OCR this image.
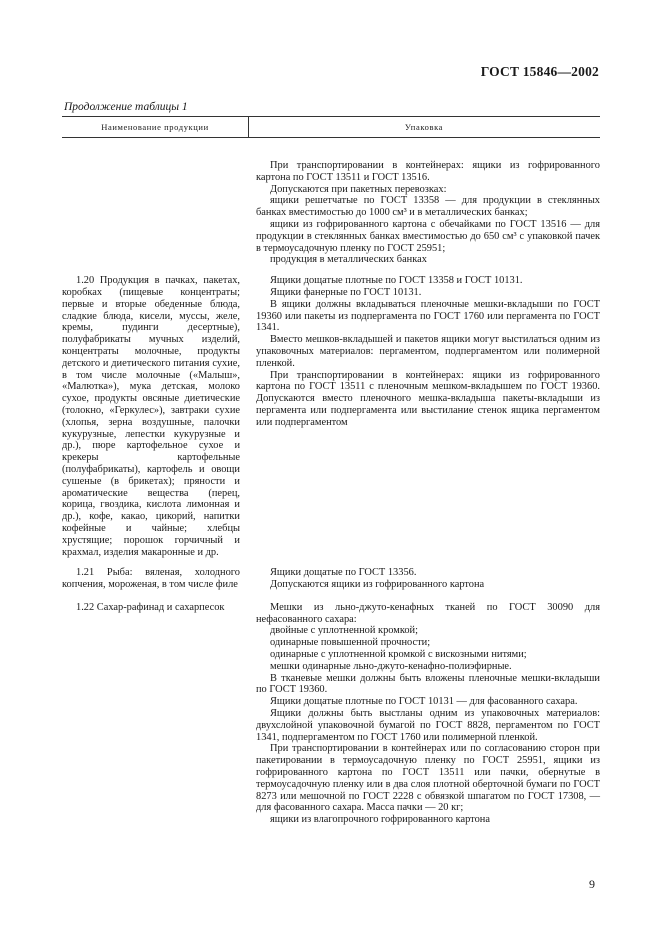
ГОСТ 15846—2002
Продолжение таблицы 1
Наименование продукции	Упаковка

При транспортировании в контейнерах: ящики из гофрированного картона по ГОСТ 13511 и ГОСТ 13516.

Допускаются при пакетных перевозках:

ящики решетчатые по ГОСТ 13358 — для продукции в стеклянных банках вместимостью до 1000 см³ и в металлических банках;

ящики из гофрированного картона с обечайками по ГОСТ 13516 — для продукции в стеклянных банках вместимостью до 650 см³ с упаковкой пачек в термоусадочную пленку по ГОСТ 25951;

продукция в металлических банках

1.20 Продукция в пачках, пакетах, коробках (пищевые концентраты; первые и вторые обеденные блюда, сладкие блюда, кисели, муссы, желе, кремы, пудинги десертные), полуфабрикаты мучных изделий, концентраты молочные, продукты детского и диетического питания сухие, в том числе молочные («Малыш», «Малютка»), мука детская, молоко сухое, продукты овсяные диетические (толокно, «Геркулес»), завтраки сухие (хлопья, зерна воздушные, палочки кукурузные, лепестки кукурузные и др.), пюре картофельное сухое и крекеры картофельные (полуфабрикаты), картофель и овощи сушеные (в брикетах); пряности и ароматические вещества (перец, корица, гвоздика, кислота лимонная и др.), кофе, какао, цикорий, напитки кофейные и чайные; хлебцы хрустящие; порошок горчичный и крахмал, изделия макаронные и др.

Ящики дощатые плотные по ГОСТ 13358 и ГОСТ 10131.

Ящики фанерные по ГОСТ 10131.

В ящики должны вкладываться пленочные мешки-вкладыши по ГОСТ 19360 или пакеты из подпергамента по ГОСТ 1760 или пергамента по ГОСТ 1341.

Вместо мешков-вкладышей и пакетов ящики могут выстилаться одним из упаковочных материалов: пергаментом, подпергаментом или полимерной пленкой.

При транспортировании в контейнерах: ящики из гофрированного картона по ГОСТ 13511 с пленочным мешком-вкладышем по ГОСТ 19360. Допускаются вместо пленочного мешка-вкладыша пакеты-вкладыши из пергамента или подпергамента или выстилание стенок ящика пергаментом или подпергаментом

1.21 Рыба: вяленая, холодного копчения, мороженая, в том числе филе

Ящики дощатые по ГОСТ 13356.

Допускаются ящики из гофрированного картона

1.22 Сахар-рафинад и сахарпесок	Мешки из льно-джуто-кенафных тканей по ГОСТ 30090 для нефасованного сахара:

двойные с уплотненной кромкой;

одинарные повышенной прочности;

одинарные с уплотненной кромкой с вискозными нитями;

мешки одинарные льно-джуто-кенафно-полиэфирные.

В тканевые мешки должны быть вложены пленочные мешки-вкладыши по ГОСТ 19360.

Ящики дощатые плотные по ГОСТ 10131 — для фасованного сахара.

Ящики должны быть выстланы одним из упаковочных материалов: двухслойной упаковочной бумагой по ГОСТ 8828, пергаментом по ГОСТ 1341, подпергаментом по ГОСТ 1760 или полимерной пленкой.

При транспортировании в контейнерах или по согласованию сторон при пакетировании в термоусадочную пленку по ГОСТ 25951, ящики из гофрированного картона по ГОСТ 13511 или пачки, обернутые в термоусадочную пленку или в два слоя плотной оберточной бумаги по ГОСТ 8273 или мешочной по ГОСТ 2228 с обвязкой шпагатом по ГОСТ 17308, — для фасованного сахара. Масса пачки — 20 кг;

ящики из влагопрочного гофрированного картона

9
